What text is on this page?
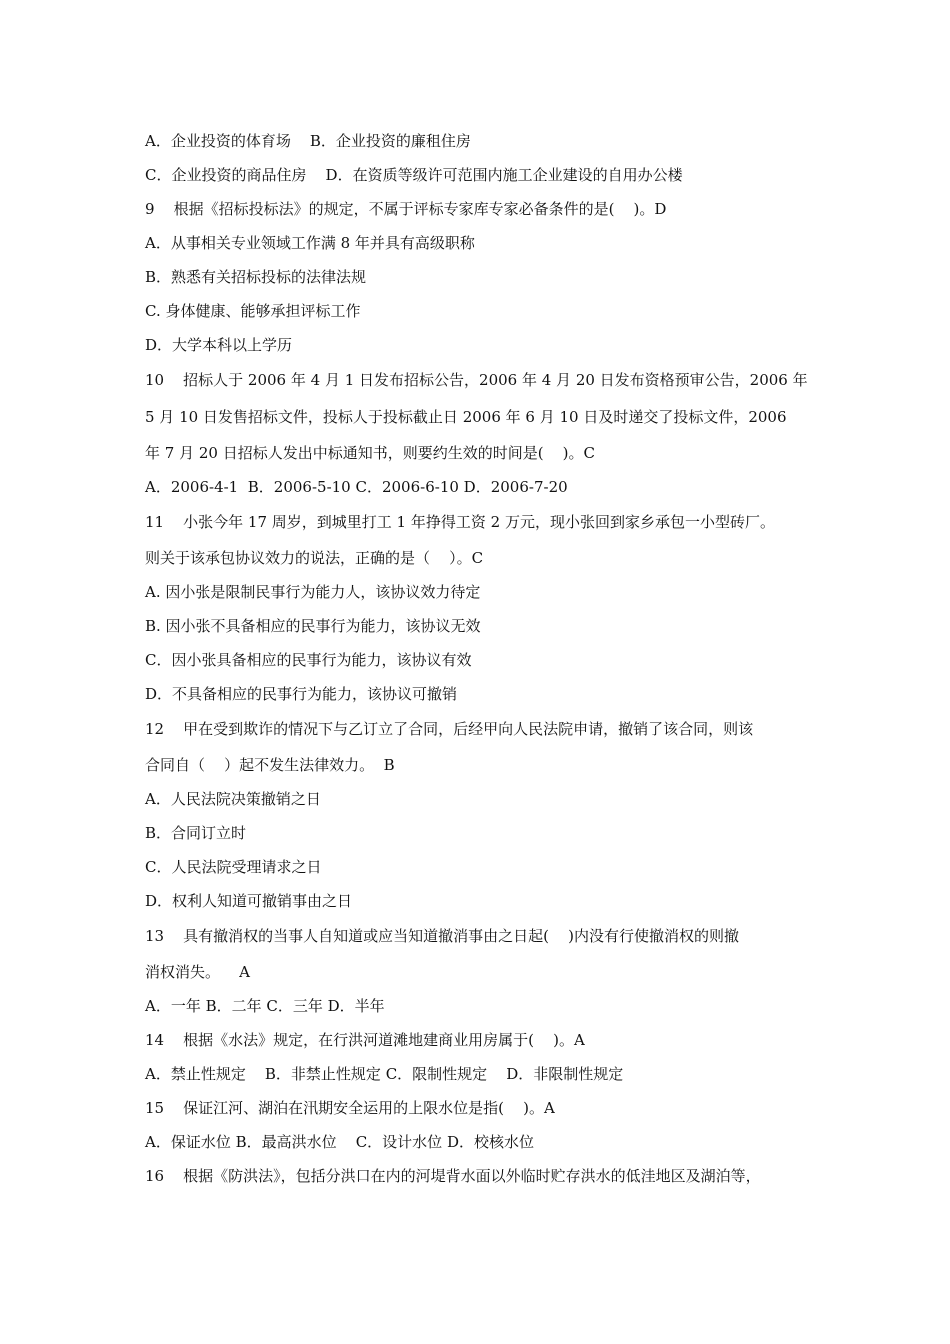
A．企业投资的体育场    B．企业投资的廉租住房
C．企业投资的商品住房    D．在资质等级许可范围内施工企业建设的自用办公楼
9    根据《招标投标法》的规定，不属于评标专家库专家必备条件的是(    )。D
A．从事相关专业领域工作满 8 年并具有高级职称
B．熟悉有关招标投标的法律法规
C. 身体健康、能够承担评标工作
D．大学本科以上学历
10    招标人于 2006 年 4 月 1 日发布招标公告，2006 年 4 月 20 日发布资格预审公告，2006 年
5 月 10 日发售招标文件，投标人于投标截止日 2006 年 6 月 10 日及时递交了投标文件，2006
年 7 月 20 日招标人发出中标通知书，则要约生效的时间是(    )。C
A．2006-4-1  B．2006-5-10 C．2006-6-10 D．2006-7-20
11    小张今年 17 周岁，到城里打工 1 年挣得工资 2 万元，现小张回到家乡承包一小型砖厂。
则关于该承包协议效力的说法，正确的是（    ）。C
A. 因小张是限制民事行为能力人，该协议效力待定
B. 因小张不具备相应的民事行为能力，该协议无效
C．因小张具备相应的民事行为能力，该协议有效
D．不具备相应的民事行为能力，该协议可撤销
12    甲在受到欺诈的情况下与乙订立了合同，后经甲向人民法院申请，撤销了该合同，则该
合同自（    ）起不发生法律效力。  B
A．人民法院决策撤销之日
B．合同订立时
C．人民法院受理请求之日
D．权利人知道可撤销事由之日
13    具有撤消权的当事人自知道或应当知道撤消事由之日起(    )内没有行使撤消权的则撤
消权消失。    A
A．一年 B．二年 C．三年 D．半年
14    根据《水法》规定，在行洪河道滩地建商业用房属于(    )。A
A．禁止性规定    B．非禁止性规定 C．限制性规定    D．非限制性规定
15    保证江河、湖泊在汛期安全运用的上限水位是指(    )。A
A．保证水位 B．最高洪水位    C．设计水位 D．校核水位
16    根据《防洪法》，包括分洪口在内的河堤背水面以外临时贮存洪水的低洼地区及湖泊等，
